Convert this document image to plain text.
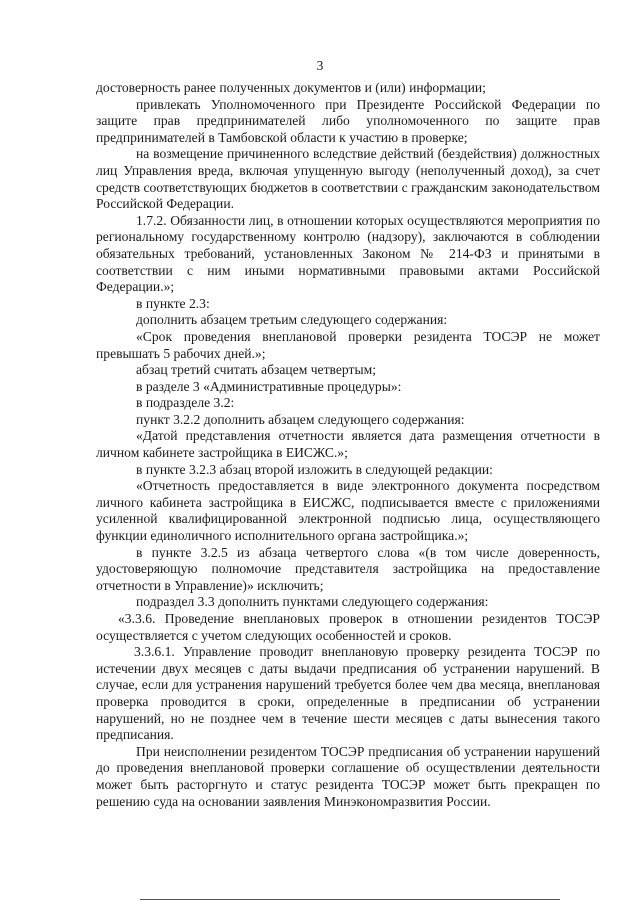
3

достоверность ранее полученных документов и (или) информации;

привлекать Уполномоченного при Президенте Российской Федерации по защите прав предпринимателей либо уполномоченного по защите прав предпринимателей в Тамбовской области к участию в проверке;

на возмещение причиненного вследствие действий (бездействия) должностных лиц Управления вреда, включая упущенную выгоду (неполученный доход), за счет средств соответствующих бюджетов в соответствии с гражданским законодательством Российской Федерации.

1.7.2. Обязанности лиц, в отношении которых осуществляются мероприятия по региональному государственному контролю (надзору), заключаются в соблюдении обязательных требований, установленных Законом № 214-ФЗ и принятыми в соответствии с ним иными нормативными правовыми актами Российской Федерации.»;

в пункте 2.3:

дополнить абзацем третьим следующего содержания:

«Срок проведения внеплановой проверки резидента ТОСЭР не может превышать 5 рабочих дней.»;

абзац третий считать абзацем четвертым;

в разделе 3 «Административные процедуры»:

в подразделе 3.2:

пункт 3.2.2 дополнить абзацем следующего содержания:

«Датой представления отчетности является дата размещения отчетности в личном кабинете застройщика в ЕИСЖС.»;

в пункте 3.2.3 абзац второй изложить в следующей редакции:

«Отчетность предоставляется в виде электронного документа посредством личного кабинета застройщика в ЕИСЖС, подписывается вместе с приложениями усиленной квалифицированной электронной подписью лица, осуществляющего функции единоличного исполнительного органа застройщика.»;

в пункте 3.2.5 из абзаца четвертого слова «(в том числе доверенность, удостоверяющую полномочие представителя застройщика на предоставление отчетности в Управление)» исключить;

подраздел 3.3 дополнить пунктами следующего содержания:

«3.3.6. Проведение внеплановых проверок в отношении резидентов ТОСЭР осуществляется с учетом следующих особенностей и сроков.

3.3.6.1. Управление проводит внеплановую проверку резидента ТОСЭР по истечении двух месяцев с даты выдачи предписания об устранении нарушений. В случае, если для устранения нарушений требуется более чем два месяца, внеплановая проверка проводится в сроки, определенные в предписании об устранении нарушений, но не позднее чем в течение шести месяцев с даты вынесения такого предписания.

При неисполнении резидентом ТОСЭР предписания об устранении нарушений до проведения внеплановой проверки соглашение об осуществлении деятельности может быть расторгнуто и статус резидента ТОСЭР может быть прекращен по решению суда на основании заявления Минэкономразвития России.
